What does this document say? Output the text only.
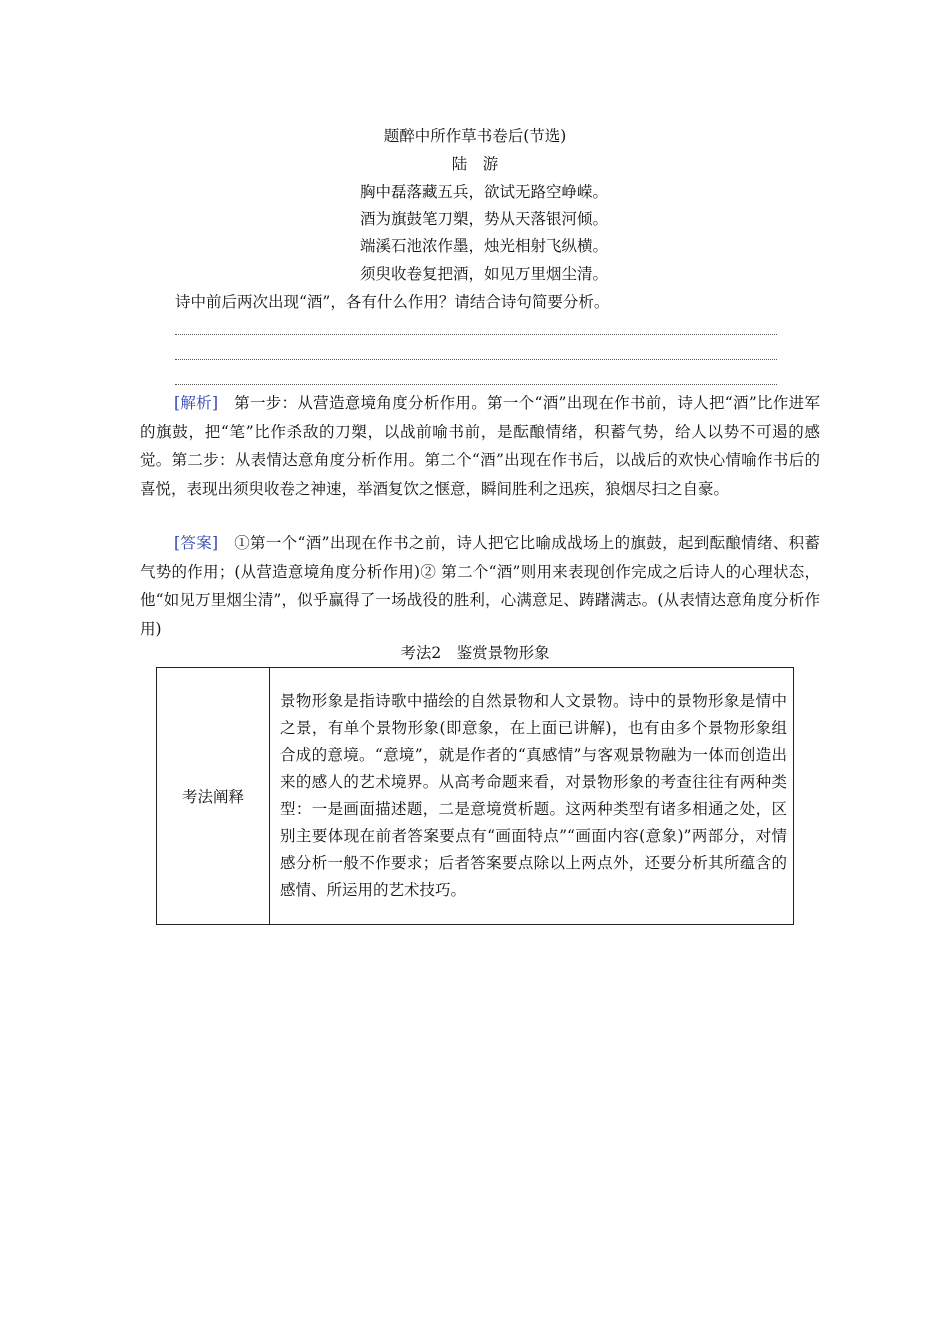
题醉中所作草书卷后(节选)
陆　游
胸中磊落藏五兵，欲试无路空峥嵘。
酒为旗鼓笔刀槊，势从天落银河倾。
端溪石池浓作墨，烛光相射飞纵横。
须臾收卷复把酒，如见万里烟尘清。
诗中前后两次出现“酒”，各有什么作用？请结合诗句简要分析。
[解析]　 第一步：从营造意境角度分析作用。第一个“酒”出现在作书前，诗人把“酒”比作进军的旗鼓，把“笔”比作杀敌的刀槊，以战前喻书前，是酝酿情绪，积蓄气势，给人以势不可遏的感觉。第二步：从表情达意角度分析作用。第二个“酒”出现在作书后，以战后的欢快心情喻作书后的喜悦，表现出须臾收卷之神速，举酒复饮之惬意，瞬间胜利之迅疾，狼烟尽扫之自豪。
[答案]　 ①第一个“酒”出现在作书之前，诗人把它比喻成战场上的旗鼓，起到酝酿情绪、积蓄气势的作用；(从营造意境角度分析作用)② 第二个“酒”则用来表现创作完成之后诗人的心理状态，他“如见万里烟尘清”，似乎赢得了一场战役的胜利，心满意足、踌躇满志。(从表情达意角度分析作用)
考法2　鉴赏景物形象
考法阐释	景物形象是指诗歌中描绘的自然景物和人文景物。诗中的景物形象是情中之景，有单个景物形象(即意象，在上面已讲解)，也有由多个景物形象组合成的意境。“意境”，就是作者的“真感情”与客观景物融为一体而创造出来的感人的艺术境界。从高考命题来看，对景物形象的考查往往有两种类型：一是画面描述题，二是意境赏析题。这两种类型有诸多相通之处，区别主要体现在前者答案要点有“画面特点”“画面内容(意象)”两部分，对情感分析一般不作要求；后者答案要点除以上两点外，还要分析其所蕴含的感情、所运用的艺术技巧。
